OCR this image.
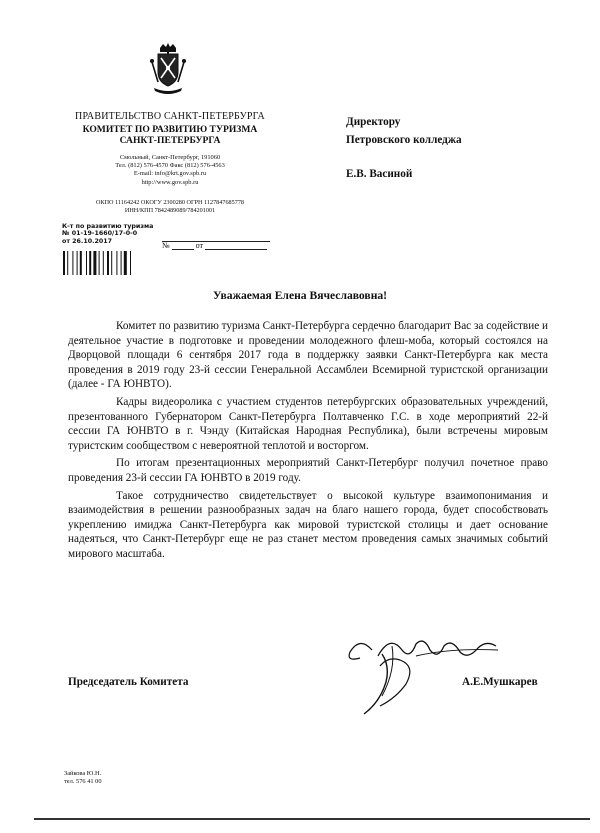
ПРАВИТЕЛЬСТВО САНКТ-ПЕТЕРБУРГА
КОМИТЕТ ПО РАЗВИТИЮ ТУРИЗМА
САНКТ-ПЕТЕРБУРГА
Смольный, Санкт-Петербург, 191060
Тел. (812) 576-4570 Факс (812) 576-4563
E-mail: info@krt.gov.spb.ru
http://www.gov.spb.ru
ОКПО 11164242 ОКОГУ 2300280 ОГРН 1127847685778
ИНН/КПП 7842489089/784201001
К-т по развитию туризма
№ 01-19-1660/17-0-0
от 26.10.2017	№	от
Директору
Петровского колледжа
Е.В. Васиной
Уважаемая Елена Вячеславовна!

Комитет по развитию туризма Санкт-Петербурга сердечно благодарит Вас за содействие и деятельное участие в подготовке и проведении молодежного флеш-моба, который состоялся на Дворцовой площади 6 сентября 2017 года в поддержку заявки Санкт-Петербурга как места проведения в 2019 году 23-й сессии Генеральной Ассамблеи Всемирной туристской организации (далее - ГА ЮНВТО).

Кадры видеоролика с участием студентов петербургских образовательных учреждений, презентованного Губернатором Санкт-Петербурга Полтавченко Г.С. в ходе мероприятий 22-й сессии ГА ЮНВТО в г. Чэнду (Китайская Народная Республика), были встречены мировым туристским сообществом с невероятной теплотой и восторгом.

По итогам презентационных мероприятий Санкт-Петербург получил почетное право проведения 23-й сессии ГА ЮНВТО в 2019 году.

Такое сотрудничество свидетельствует о высокой культуре взаимопонимания и взаимодействия в решении разнообразных задач на благо нашего города, будет способствовать укреплению имиджа Санкт-Петербурга как мировой туристской столицы и дает основание надеяться, что Санкт-Петербург еще не раз станет местом проведения самых значимых событий мирового масштаба.

Председатель Комитета	А.Е.Мушкарев
Зайкова Ю.Н.
тел. 576 41 00
